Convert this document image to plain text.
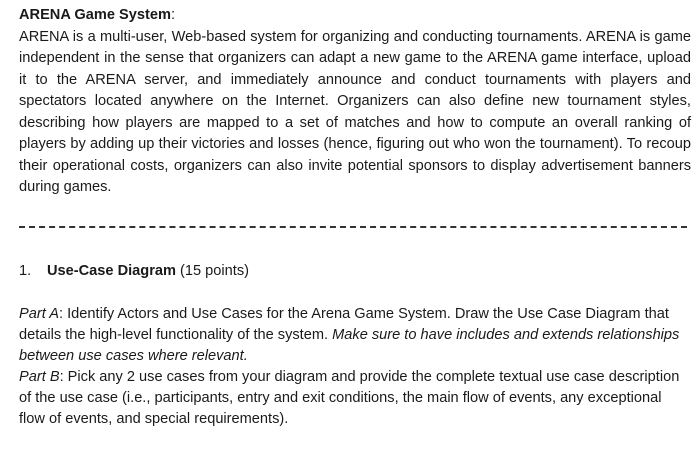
ARENA Game System:
ARENA is a multi-user, Web-based system for organizing and conducting tournaments. ARENA is game independent in the sense that organizers can adapt a new game to the ARENA game interface, upload it to the ARENA server, and immediately announce and conduct tournaments with players and spectators located anywhere on the Internet. Organizers can also define new tournament styles, describing how players are mapped to a set of matches and how to compute an overall ranking of players by adding up their victories and losses (hence, figuring out who won the tournament). To recoup their operational costs, organizers can also invite potential sponsors to display advertisement banners during games.

1. Use-Case Diagram (15 points)

Part A: Identify Actors and Use Cases for the Arena Game System. Draw the Use Case Diagram that details the high-level functionality of the system. Make sure to have includes and extends relationships between use cases where relevant.

Part B: Pick any 2 use cases from your diagram and provide the complete textual use case description of the use case (i.e., participants, entry and exit conditions, the main flow of events, any exceptional flow of events, and special requirements).
